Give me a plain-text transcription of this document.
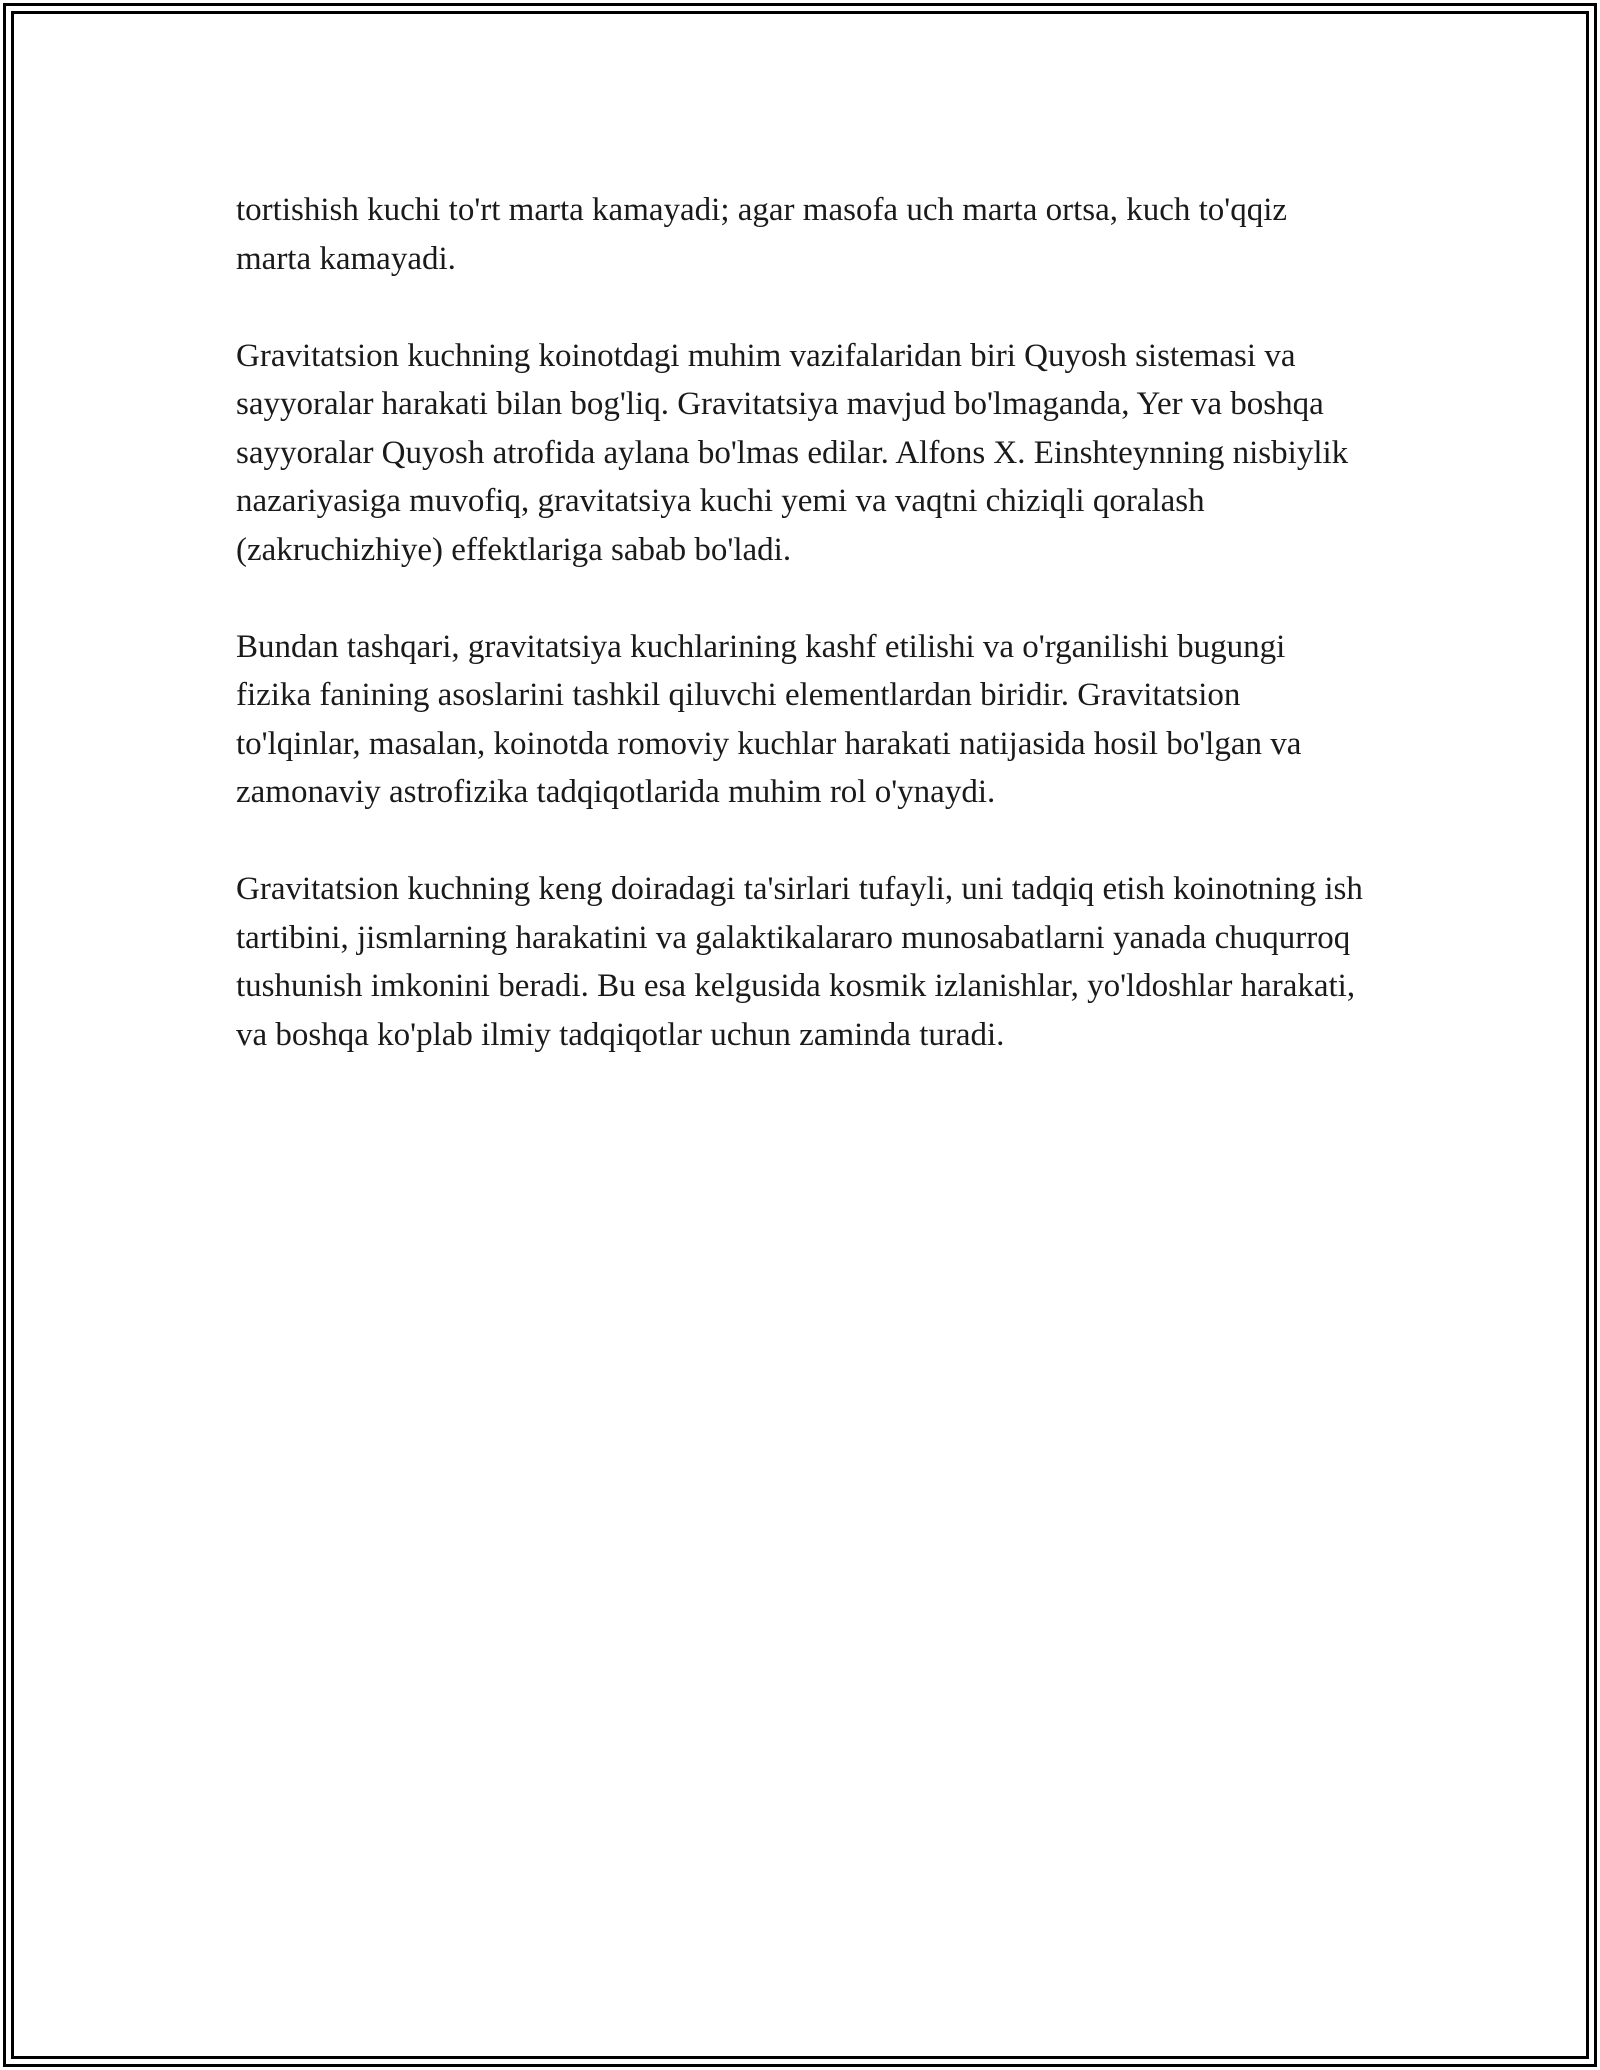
tortishish kuchi to'rt marta kamayadi; agar masofa uch marta ortsa, kuch to'qqiz marta kamayadi.

Gravitatsion kuchning koinotdagi muhim vazifalaridan biri Quyosh sistemasi va sayyoralar harakati bilan bog'liq. Gravitatsiya mavjud bo'lmaganda, Yer va boshqa sayyoralar Quyosh atrofida aylana bo'lmas edilar. Alfons X. Einshteynning nisbiylik nazariyasiga muvofiq, gravitatsiya kuchi yemi va vaqtni chiziqli qoralash (zakruchizhiye) effektlariga sabab bo'ladi.

Bundan tashqari, gravitatsiya kuchlarining kashf etilishi va o'rganilishi bugungi fizika fanining asoslarini tashkil qiluvchi elementlardan biridir. Gravitatsion to'lqinlar, masalan, koinotda romoviy kuchlar harakati natijasida hosil bo'lgan va zamonaviy astrofizika tadqiqotlarida muhim rol o'ynaydi.

Gravitatsion kuchning keng doiradagi ta'sirlari tufayli, uni tadqiq etish koinotning ish tartibini, jismlarning harakatini va galaktikalararo munosabatlarni yanada chuqurroq tushunish imkonini beradi. Bu esa kelgusida kosmik izlanishlar, yo'ldoshlar harakati, va boshqa ko'plab ilmiy tadqiqotlar uchun zaminda turadi.
